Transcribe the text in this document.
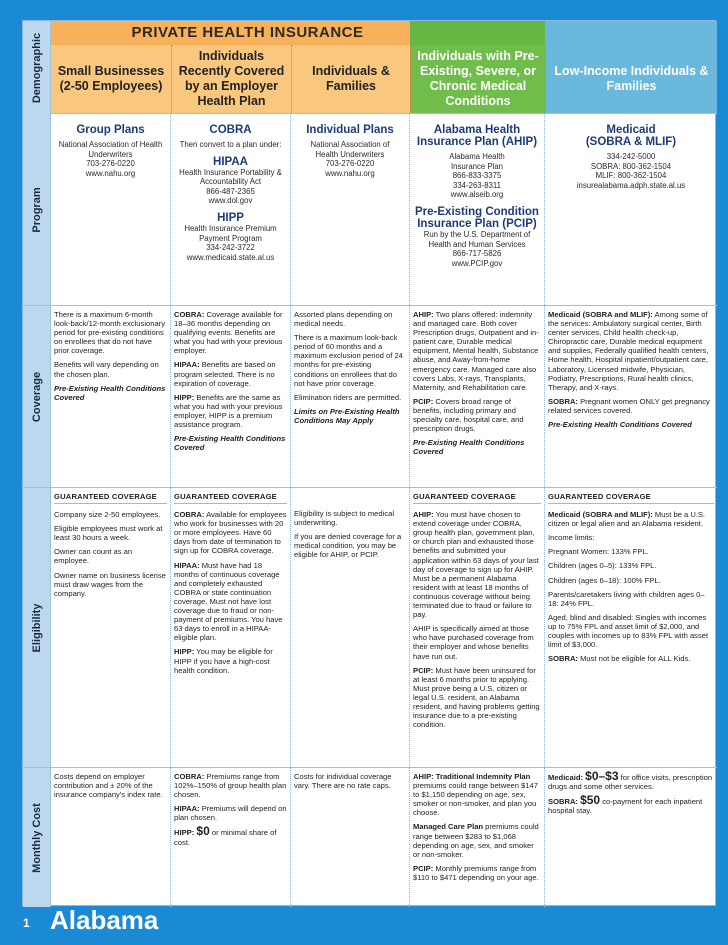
Demographic	PRIVATE HEALTH INSURANCE
Small Businesses (2-50 Employees)
Individuals Recently Covered by an Employer Health Plan
Individuals & Families
Individuals with Pre-Existing, Severe, or Chronic Medical Conditions
Low-Income Individuals & Families
Program
Group Plans
National Association of Health
Underwriters
703-276-0220
www.nahu.org
COBRA
Then convert to a plan under:
HIPAA
Health Insurance Portability &
Accountability Act
866-487-2365
www.dol.gov
HIPP
Health Insurance Premium
Payment Program
334-242-3722
www.medicaid.state.al.us
Individual Plans
National Association of
Health Underwriters
703-276-0220
www.nahu.org
Alabama Health Insurance Plan (AHIP)
Alabama Health
Insurance Plan
866-833-3375
334-263-8311
www.alseib.org
Pre-Existing Condition Insurance Plan (PCIP)
Run by the U.S. Department of
Health and Human Services
866-717-5826
www.PCIP.gov
Medicaid
(SOBRA & MLIF)
334-242-5000
SOBRA: 800-362-1504
MLIF: 800-362-1504
insurealabama.adph.state.al.us
Coverage

There is a maximum 6-month look-back/12-month exclusionary period for pre-existing conditions on enrollees that do not have prior coverage.

Benefits will vary depending on the chosen plan.

Pre-Existing Health Conditions Covered

COBRA: Coverage available for 18–36 months depending on qualifying events. Benefits are what you had with your previous employer.

HIPAA: Benefits are based on program selected. There is no expiration of coverage.

HIPP: Benefits are the same as what you had with your previous employer, HIPP is a premium assistance program.

Pre-Existing Health Conditions Covered

Assorted plans depending on medical needs.

There is a maximum look-back period of 60 months and a maximum exclusion period of 24 months for pre-existing conditions on enrollees that do not have prior coverage.

Elimination riders are permitted.

Limits on Pre-Existing Health Conditions May Apply

AHIP: Two plans offered: indemnity and managed care. Both cover Prescription drugs, Outpatient and in-patient care, Durable medical equipment, Mental health, Substance abuse, and Away-from-home emergency care. Managed care also covers Labs, X-rays, Transplants, Maternity, and Rehabilitation care.

PCIP: Covers broad range of benefits, including primary and specialty care, hospital care, and prescription drugs.

Pre-Existing Health Conditions Covered

Medicaid (SOBRA and MLIF): Among some of the services: Ambulatory surgical center, Birth center services, Child health check-up, Chiropractic care, Durable medical equipment and supplies, Federally qualified health centers, Home health, Hospital inpatient/outpatient care, Laboratory, Licensed midwife, Physician, Podiatry, Prescriptions, Rural health clinics, Therapy, and X-rays.

SOBRA: Pregnant women ONLY get pregnancy related services covered.

Pre-Existing Health Conditions Covered

Eligibility
GUARANTEED COVERAGE

Company size 2-50 employees.

Eligible employees must work at least 30 hours a week.

Owner can count as an employee.

Owner name on business license must draw wages from the company.

GUARANTEED COVERAGE

COBRA: Available for employees who work for businesses with 20 or more employees. Have 60 days from date of termination to sign up for COBRA coverage.

HIPAA: Must have had 18 months of continuous coverage and completely exhausted COBRA or state continuation coverage. Must not have lost coverage due to fraud or non-payment of premiums. You have 63 days to enroll in a HIPAA-eligible plan.

HIPP: You may be eligible for HIPP if you have a high-cost health condition.

Eligibility is subject to medical underwriting.

If you are denied coverage for a medical condition, you may be eligible for AHIP, or PCIP.

GUARANTEED COVERAGE

AHIP: You must have chosen to extend coverage under COBRA, group health plan, government plan, or church plan and exhausted those benefits and submitted your application within 63 days of your last day of coverage to sign up for AHIP. Must be a permanent Alabama resident with at least 18 months of continuous coverage without being terminated due to fraud or failure to pay.

AHIP is specifically aimed at those who have purchased coverage from their employer and whose benefits have run out.

PCIP: Must have been uninsured for at least 6 months prior to applying. Must prove being a U.S. citizen or legal U.S. resident, an Alabama resident, and having problems getting insurance due to a pre-existing condition.

GUARANTEED COVERAGE

Medicaid (SOBRA and MLIF): Must be a U.S. citizen or legal alien and an Alabama resident.

Income limits:

Pregnant Women: 133% FPL.

Children (ages 0–5): 133% FPL.

Children (ages 6–18): 100% FPL.

Parents/caretakers living with children ages 0–18: 24% FPL.

Aged, blind and disabled: Singles with incomes up to 75% FPL and asset limit of $2,000, and couples with incomes up to 83% FPL with asset limit of $3,000.

SOBRA: Must not be eligible for ALL Kids.

Monthly Cost

Costs depend on employer contribution and ± 20% of the insurance company's index rate.

COBRA: Premiums range from 102%–150% of group health plan chosen.

HIPAA: Premiums will depend on plan chosen.

HIPP: $0 or minimal share of cost.

Costs for individual coverage vary. There are no rate caps.

AHIP: Traditional Indemnity Plan premiums could range between $147 to $1,150 depending on age, sex, smoker or non-smoker, and plan you choose.

Managed Care Plan premiums could range between $283 to $1,068 depending on age, sex, and smoker or non-smoker.

PCIP: Monthly premiums range from $110 to $471 depending on your age.

Medicaid: $0–$3 for office visits, prescription drugs and some other services.

SOBRA: $50 co-payment for each inpatient hospital stay.

1 Alabama
